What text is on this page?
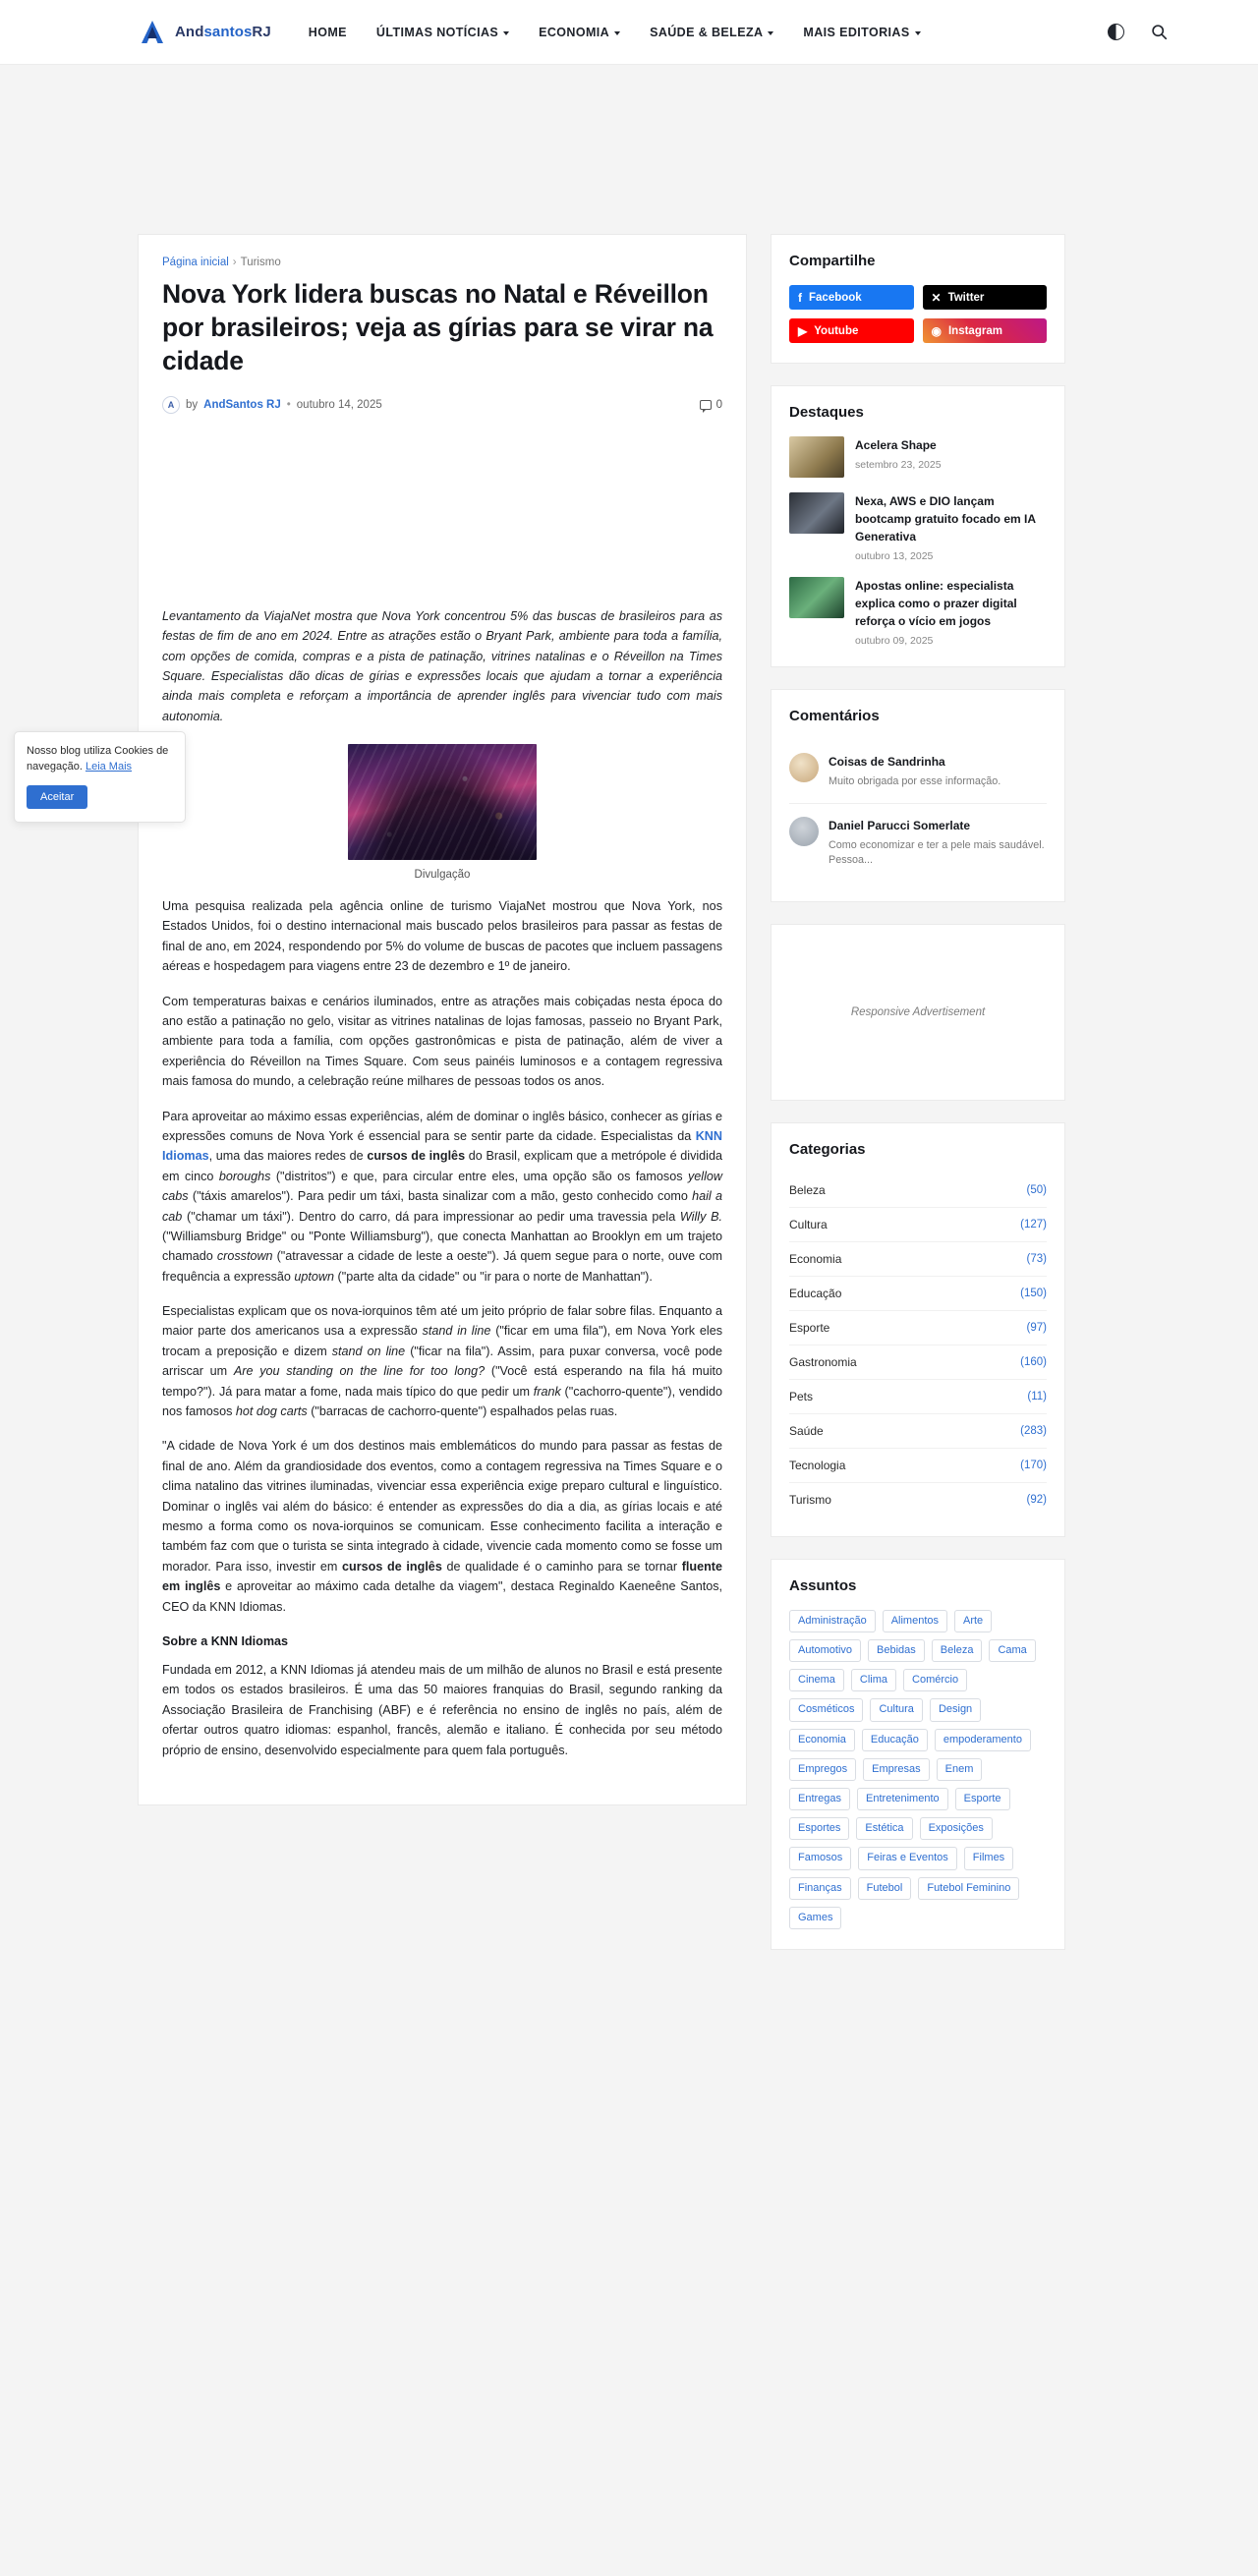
AndsantosRJ	HOME ÚLTIMAS NOTÍCIAS	ECONOMIA	SAÚDE & BELEZA	MAIS EDITORIAS

Nosso blog utiliza Cookies de navegação. Leia Mais

Aceitar
Página inicial › Turismo
Nova York lidera buscas no Natal e Réveillon por brasileiros; veja as gírias para se virar na cidade
A	by AndSantos RJ • outubro 14, 2025	0

Levantamento da ViajaNet mostra que Nova York concentrou 5% das buscas de brasileiros para as festas de fim de ano em 2024. Entre as atrações estão o Bryant Park, ambiente para toda a família, com opções de comida, compras e a pista de patinação, vitrines natalinas e o Réveillon na Times Square. Especialistas dão dicas de gírias e expressões locais que ajudam a tornar a experiência ainda mais completa e reforçam a importância de aprender inglês para vivenciar tudo com mais autonomia.

Divulgação

Uma pesquisa realizada pela agência online de turismo ViajaNet mostrou que Nova York, nos Estados Unidos, foi o destino internacional mais buscado pelos brasileiros para passar as festas de final de ano, em 2024, respondendo por 5% do volume de buscas de pacotes que incluem passagens aéreas e hospedagem para viagens entre 23 de dezembro e 1º de janeiro.

Com temperaturas baixas e cenários iluminados, entre as atrações mais cobiçadas nesta época do ano estão a patinação no gelo, visitar as vitrines natalinas de lojas famosas, passeio no Bryant Park, ambiente para toda a família, com opções gastronômicas e pista de patinação, além de viver a experiência do Réveillon na Times Square. Com seus painéis luminosos e a contagem regressiva mais famosa do mundo, a celebração reúne milhares de pessoas todos os anos.

Para aproveitar ao máximo essas experiências, além de dominar o inglês básico, conhecer as gírias e expressões comuns de Nova York é essencial para se sentir parte da cidade. Especialistas da KNN Idiomas, uma das maiores redes de cursos de inglês do Brasil, explicam que a metrópole é dividida em cinco boroughs ("distritos") e que, para circular entre eles, uma opção são os famosos yellow cabs ("táxis amarelos"). Para pedir um táxi, basta sinalizar com a mão, gesto conhecido como hail a cab ("chamar um táxi"). Dentro do carro, dá para impressionar ao pedir uma travessia pela Willy B. ("Williamsburg Bridge" ou "Ponte Williamsburg"), que conecta Manhattan ao Brooklyn em um trajeto chamado crosstown ("atravessar a cidade de leste a oeste"). Já quem segue para o norte, ouve com frequência a expressão uptown ("parte alta da cidade" ou "ir para o norte de Manhattan").

Especialistas explicam que os nova-iorquinos têm até um jeito próprio de falar sobre filas. Enquanto a maior parte dos americanos usa a expressão stand in line ("ficar em uma fila"), em Nova York eles trocam a preposição e dizem stand on line ("ficar na fila"). Assim, para puxar conversa, você pode arriscar um Are you standing on the line for too long? ("Você está esperando na fila há muito tempo?"). Já para matar a fome, nada mais típico do que pedir um frank ("cachorro-quente"), vendido nos famosos hot dog carts ("barracas de cachorro-quente") espalhados pelas ruas.

"A cidade de Nova York é um dos destinos mais emblemáticos do mundo para passar as festas de final de ano. Além da grandiosidade dos eventos, como a contagem regressiva na Times Square e o clima natalino das vitrines iluminadas, vivenciar essa experiência exige preparo cultural e linguístico. Dominar o inglês vai além do básico: é entender as expressões do dia a dia, as gírias locais e até mesmo a forma como os nova-iorquinos se comunicam. Esse conhecimento facilita a interação e também faz com que o turista se sinta integrado à cidade, vivencie cada momento como se fosse um morador. Para isso, investir em cursos de inglês de qualidade é o caminho para se tornar fluente em inglês e aproveitar ao máximo cada detalhe da viagem", destaca Reginaldo Kaeneêne Santos, CEO da KNN Idiomas.

Sobre a KNN Idiomas

Fundada em 2012, a KNN Idiomas já atendeu mais de um milhão de alunos no Brasil e está presente em todos os estados brasileiros. É uma das 50 maiores franquias do Brasil, segundo ranking da Associação Brasileira de Franchising (ABF) e é referência no ensino de inglês no país, além de ofertar outros quatro idiomas: espanhol, francês, alemão e italiano. É conhecida por seu método próprio de ensino, desenvolvido especialmente para quem fala português.

Compartilhe
f Facebook	✕ Twitter
▶ Youtube	◉ Instagram
Destaques
Acelera Shape
setembro 23, 2025
Nexa, AWS e DIO lançam bootcamp gratuito focado em IA Generativa
outubro 13, 2025
Apostas online: especialista explica como o prazer digital reforça o vício em jogos
outubro 09, 2025
Comentários
Coisas de Sandrinha
Muito obrigada por esse informação.
Daniel Parucci Somerlate
Como economizar e ter a pele mais saudável. Pessoa...
Responsive Advertisement
Categorias
Beleza	(50)
Cultura	(127)
Economia	(73)
Educação	(150)
Esporte	(97)
Gastronomia	(160)
Pets	(11)
Saúde	(283)
Tecnologia	(170)
Turismo	(92)
Assuntos
Administração	Alimentos	Arte
Automotivo	Bebidas	Beleza	Cama
Cinema	Clima	Comércio
Cosméticos	Cultura	Design
Economia	Educação	empoderamento
Empregos	Empresas	Enem
Entregas	Entretenimento	Esporte
Esportes	Estética	Exposições
Famosos	Feiras e Eventos	Filmes
Finanças	Futebol	Futebol Feminino
Games
